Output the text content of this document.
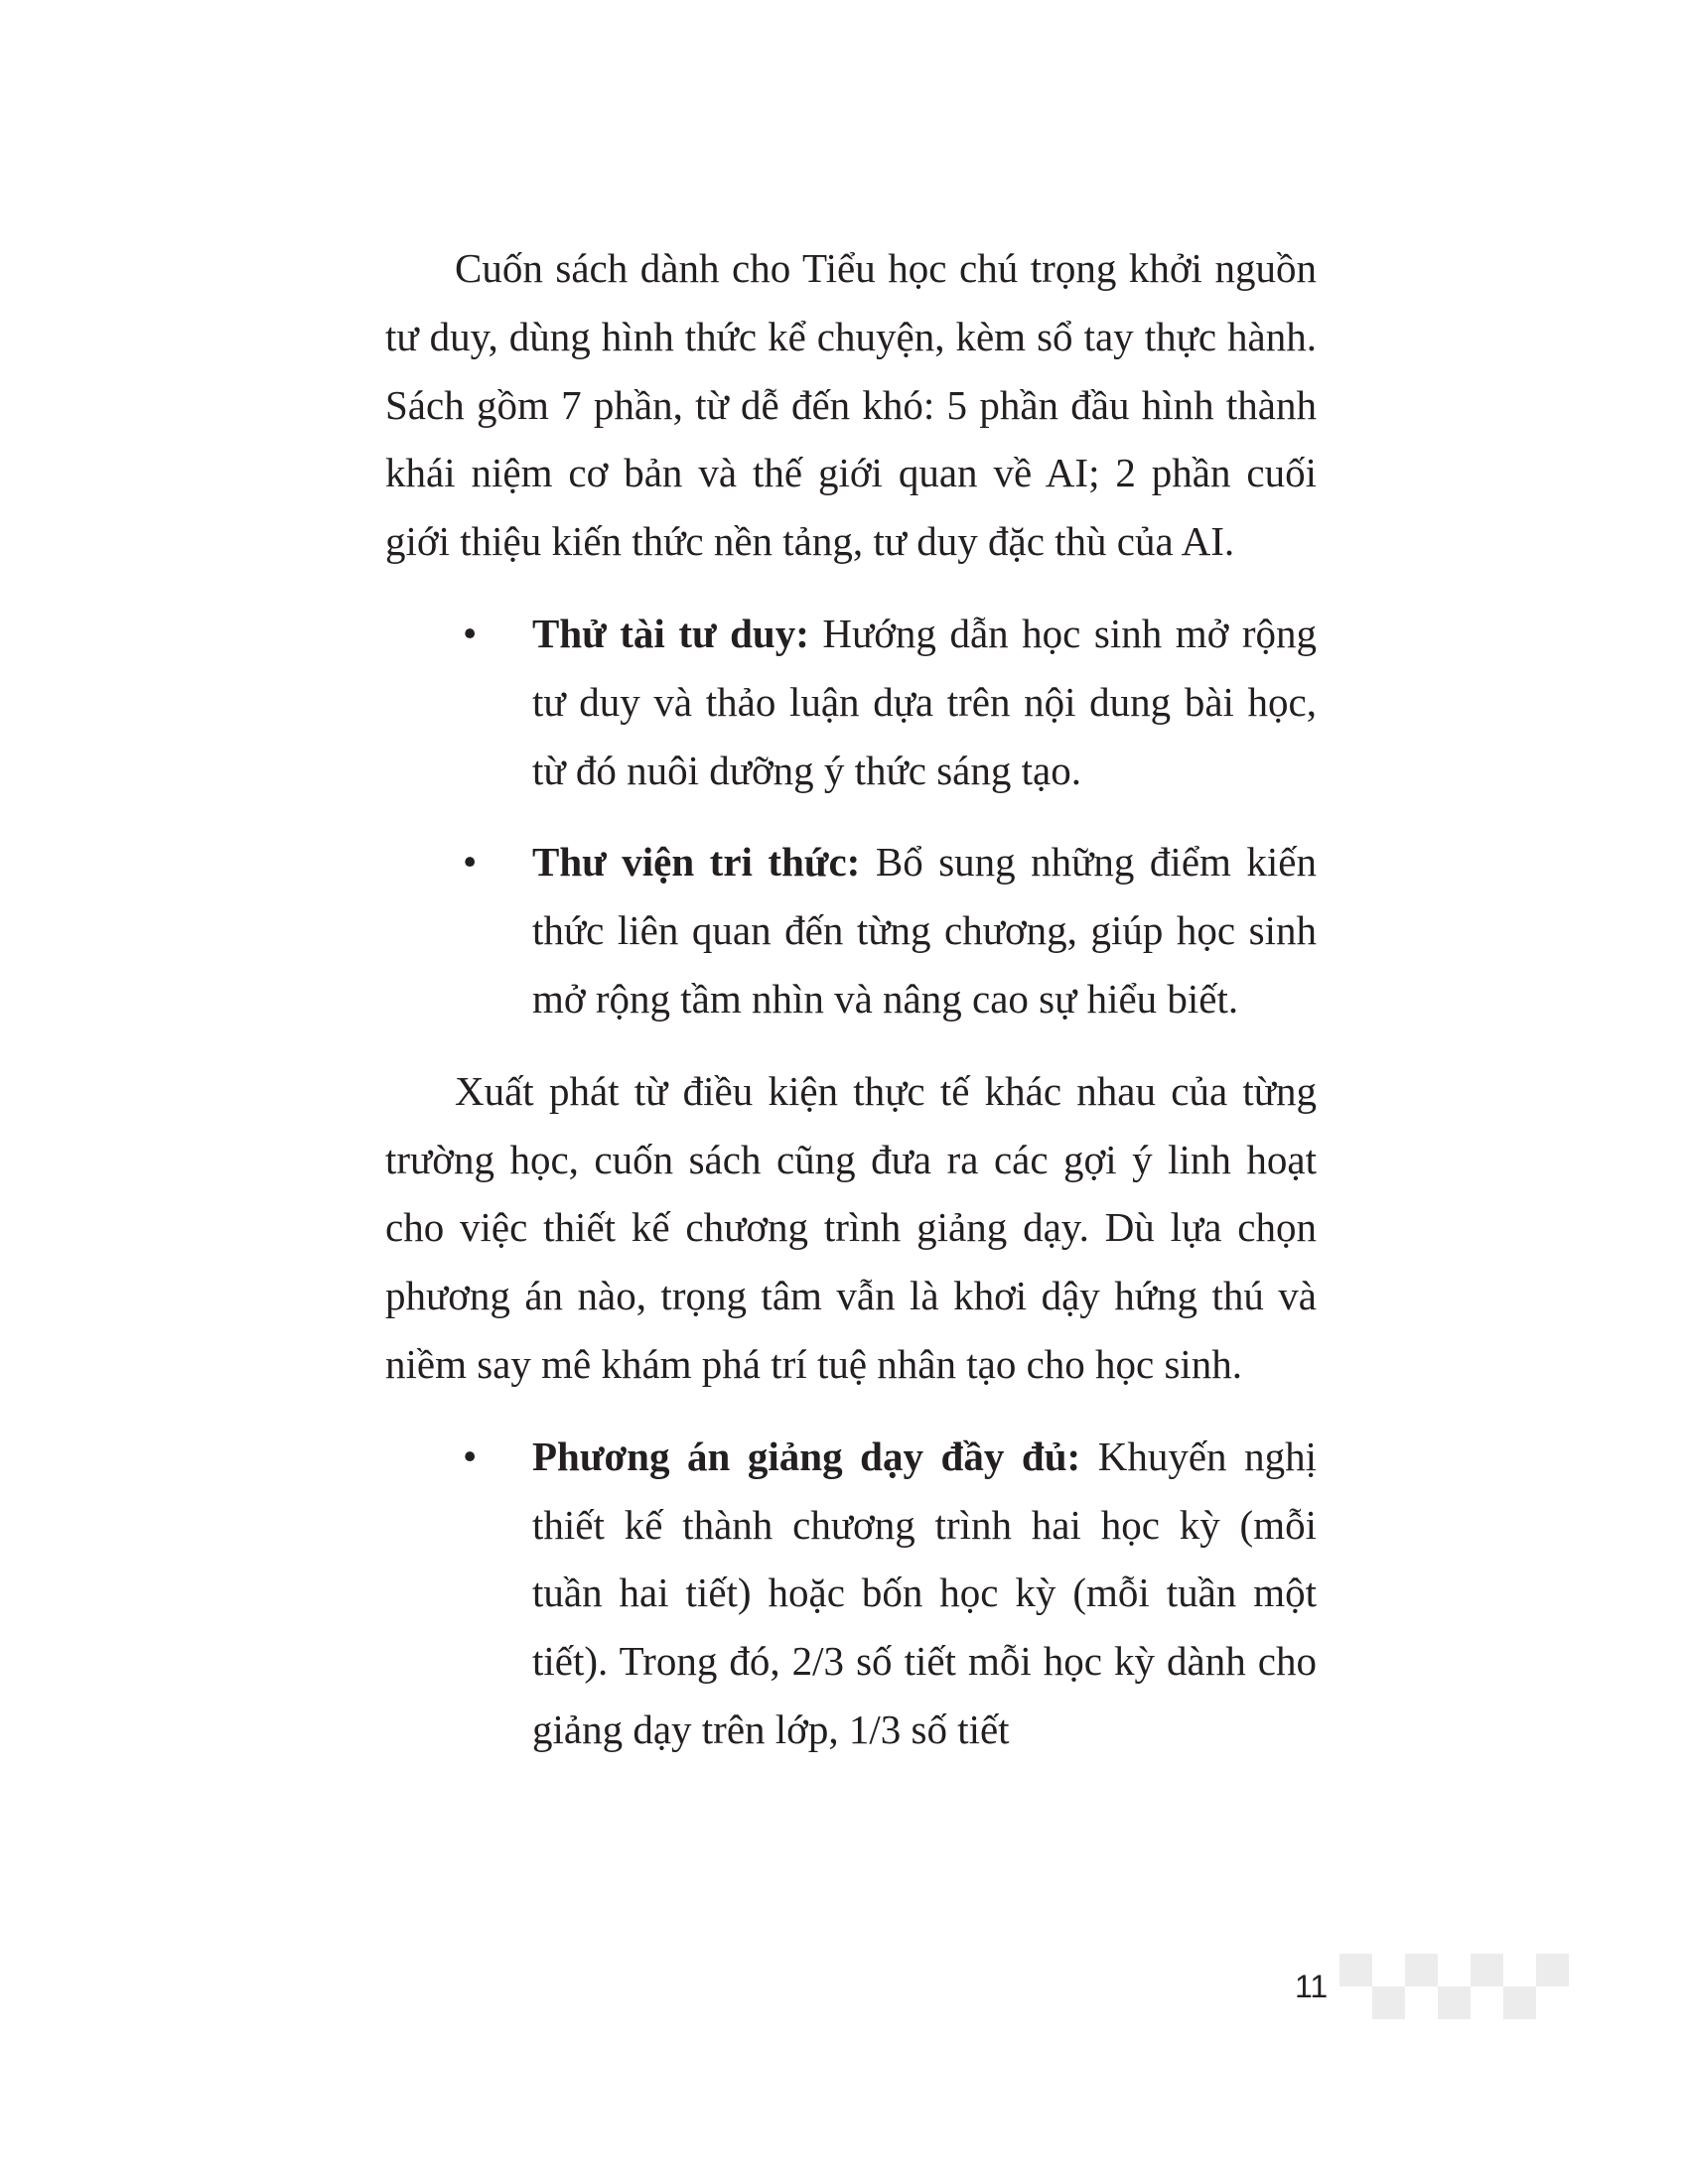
Cuốn sách dành cho Tiểu học chú trọng khởi nguồn tư duy, dùng hình thức kể chuyện, kèm sổ tay thực hành. Sách gồm 7 phần, từ dễ đến khó: 5 phần đầu hình thành khái niệm cơ bản và thế giới quan về AI; 2 phần cuối giới thiệu kiến thức nền tảng, tư duy đặc thù của AI.

• Thử tài tư duy: Hướng dẫn học sinh mở rộng tư duy và thảo luận dựa trên nội dung bài học, từ đó nuôi dưỡng ý thức sáng tạo.
• Thư viện tri thức: Bổ sung những điểm kiến thức liên quan đến từng chương, giúp học sinh mở rộng tầm nhìn và nâng cao sự hiểu biết.

Xuất phát từ điều kiện thực tế khác nhau của từng trường học, cuốn sách cũng đưa ra các gợi ý linh hoạt cho việc thiết kế chương trình giảng dạy. Dù lựa chọn phương án nào, trọng tâm vẫn là khơi dậy hứng thú và niềm say mê khám phá trí tuệ nhân tạo cho học sinh.

• Phương án giảng dạy đầy đủ: Khuyến nghị thiết kế thành chương trình hai học kỳ (mỗi tuần hai tiết) hoặc bốn học kỳ (mỗi tuần một tiết). Trong đó, 2/3 số tiết mỗi học kỳ dành cho giảng dạy trên lớp, 1/3 số tiết
11
